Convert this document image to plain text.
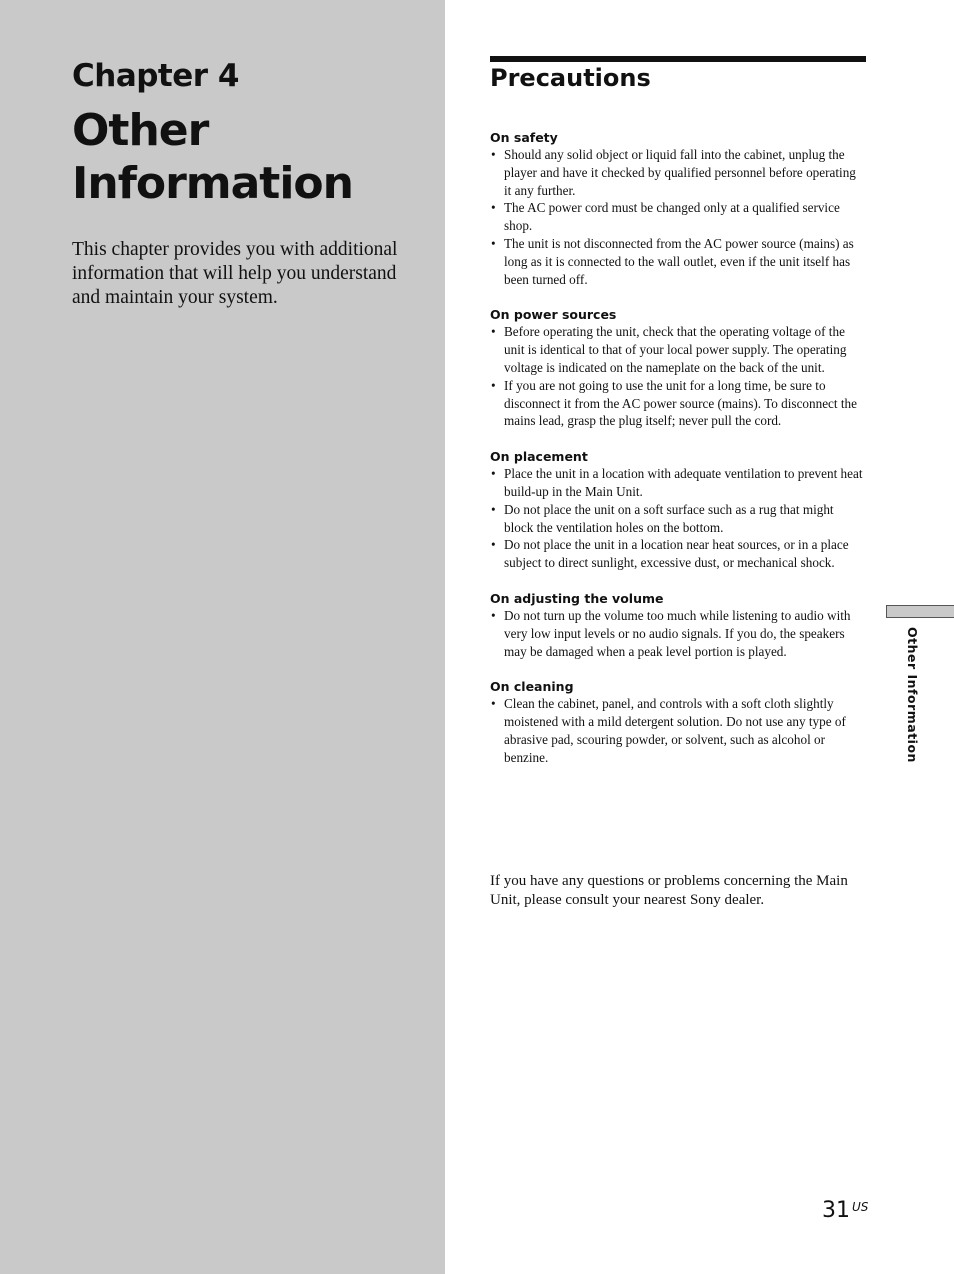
Chapter 4
Other
Information

This chapter provides you with additional information that will help you understand and maintain your system.

Precautions
On safety
• Should any solid object or liquid fall into the cabinet, unplug the player and have it checked by qualified personnel before operating it any further.
• The AC power cord must be changed only at a qualified service shop.
• The unit is not disconnected from the AC power source (mains) as long as it is connected to the wall outlet, even if the unit itself has been turned off.
On power sources
• Before operating the unit, check that the operating voltage of the unit is identical to that of your local power supply. The operating voltage is indicated on the nameplate on the back of the unit.
• If you are not going to use the unit for a long time, be sure to disconnect it from the AC power source (mains). To disconnect the mains lead, grasp the plug itself; never pull the cord.
On placement
• Place the unit in a location with adequate ventilation to prevent heat build-up in the Main Unit.
• Do not place the unit on a soft surface such as a rug that might block the ventilation holes on the bottom.
• Do not place the unit in a location near heat sources, or in a place subject to direct sunlight, excessive dust, or mechanical shock.
On adjusting the volume
• Do not turn up the volume too much while listening to audio with very low input levels or no audio signals. If you do, the speakers may be damaged when a peak level portion is played.
On cleaning
• Clean the cabinet, panel, and controls with a soft cloth slightly moistened with a mild detergent solution. Do not use any type of abrasive pad, scouring powder, or solvent, such as alcohol or benzine.

If you have any questions or problems concerning the Main Unit, please consult your nearest Sony dealer.

Other Information
31 $^{US}$
